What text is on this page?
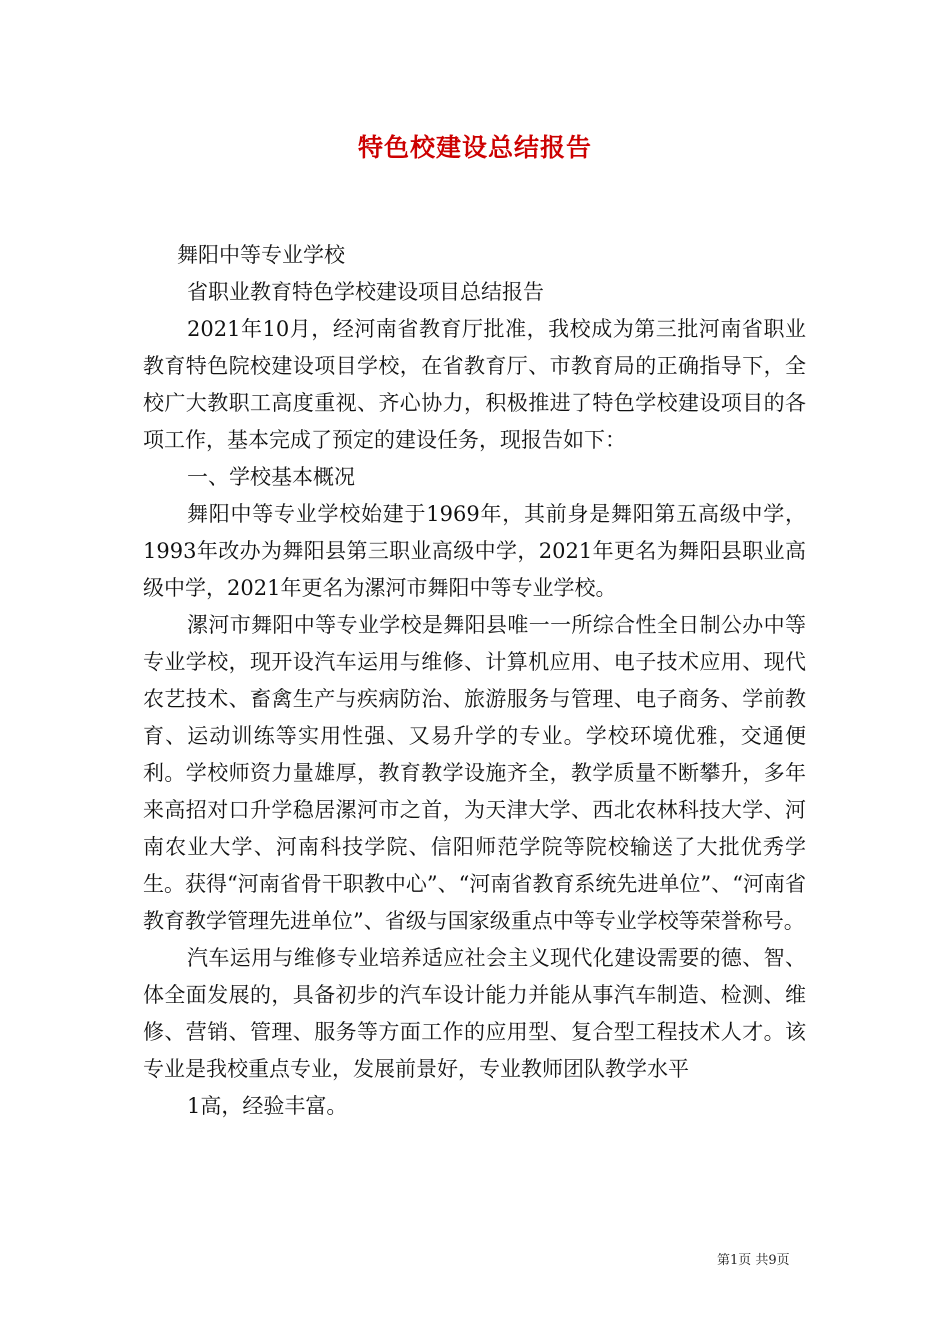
特色校建设总结报告

舞阳中等专业学校

省职业教育特色学校建设项目总结报告

2021年10月，经河南省教育厅批准，我校成为第三批河南省职业教育特色院校建设项目学校，在省教育厅、市教育局的正确指导下，全校广大教职工高度重视、齐心协力，积极推进了特色学校建设项目的各项工作，基本完成了预定的建设任务，现报告如下：

一、学校基本概况

舞阳中等专业学校始建于1969年，其前身是舞阳第五高级中学，1993年改办为舞阳县第三职业高级中学，2021年更名为舞阳县职业高级中学，2021年更名为漯河市舞阳中等专业学校。

漯河市舞阳中等专业学校是舞阳县唯一一所综合性全日制公办中等专业学校，现开设汽车运用与维修、计算机应用、电子技术应用、现代农艺技术、畜禽生产与疾病防治、旅游服务与管理、电子商务、学前教育、运动训练等实用性强、又易升学的专业。学校环境优雅，交通便利。学校师资力量雄厚，教育教学设施齐全，教学质量不断攀升，多年来高招对口升学稳居漯河市之首，为天津大学、西北农林科技大学、河南农业大学、河南科技学院、信阳师范学院等院校输送了大批优秀学生。获得“河南省骨干职教中心”、“河南省教育系统先进单位”、“河南省教育教学管理先进单位”、省级与国家级重点中等专业学校等荣誉称号。

汽车运用与维修专业培养适应社会主义现代化建设需要的德、智、体全面发展的，具备初步的汽车设计能力并能从事汽车制造、检测、维修、营销、管理、服务等方面工作的应用型、复合型工程技术人才。该专业是我校重点专业，发展前景好，专业教师团队教学水平

1高，经验丰富。

第1页 共9页
